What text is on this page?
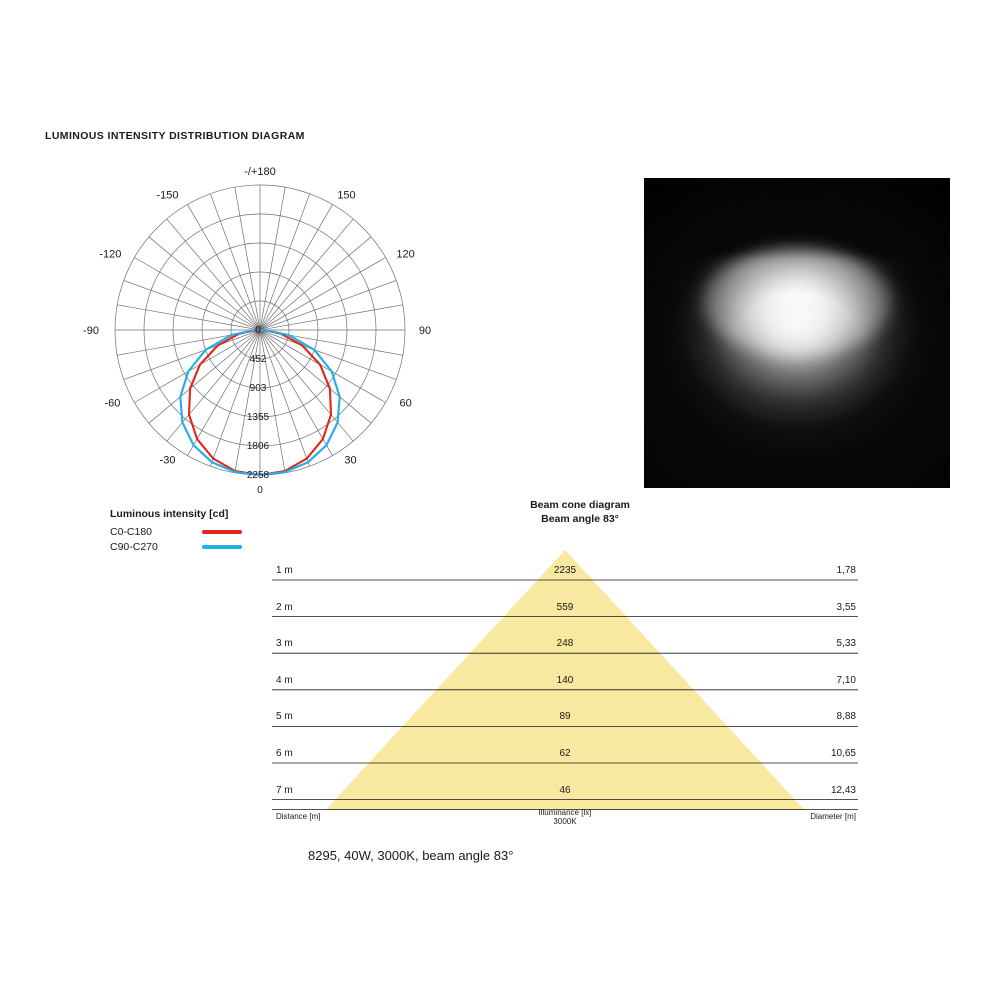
LUMINOUS INTENSITY DISTRIBUTION DIAGRAM
-/+180
150
120
90
60
30
-150
-120
-90
-60
-30
0
452
903
1355
1806
2258
0
Luminous intensity [cd]
C0-C180
C90-C270
Beam cone diagram
Beam angle 83°
1 m	2235	1,78
2 m	559	3,55
3 m	248	5,33
4 m	140	7,10
5 m	89	8,88
6 m	62	10,65
7 m	46	12,43
Distance [m]	Illuminance [lx]
3000K
Diameter [m]
8295, 40W, 3000K, beam angle 83°
